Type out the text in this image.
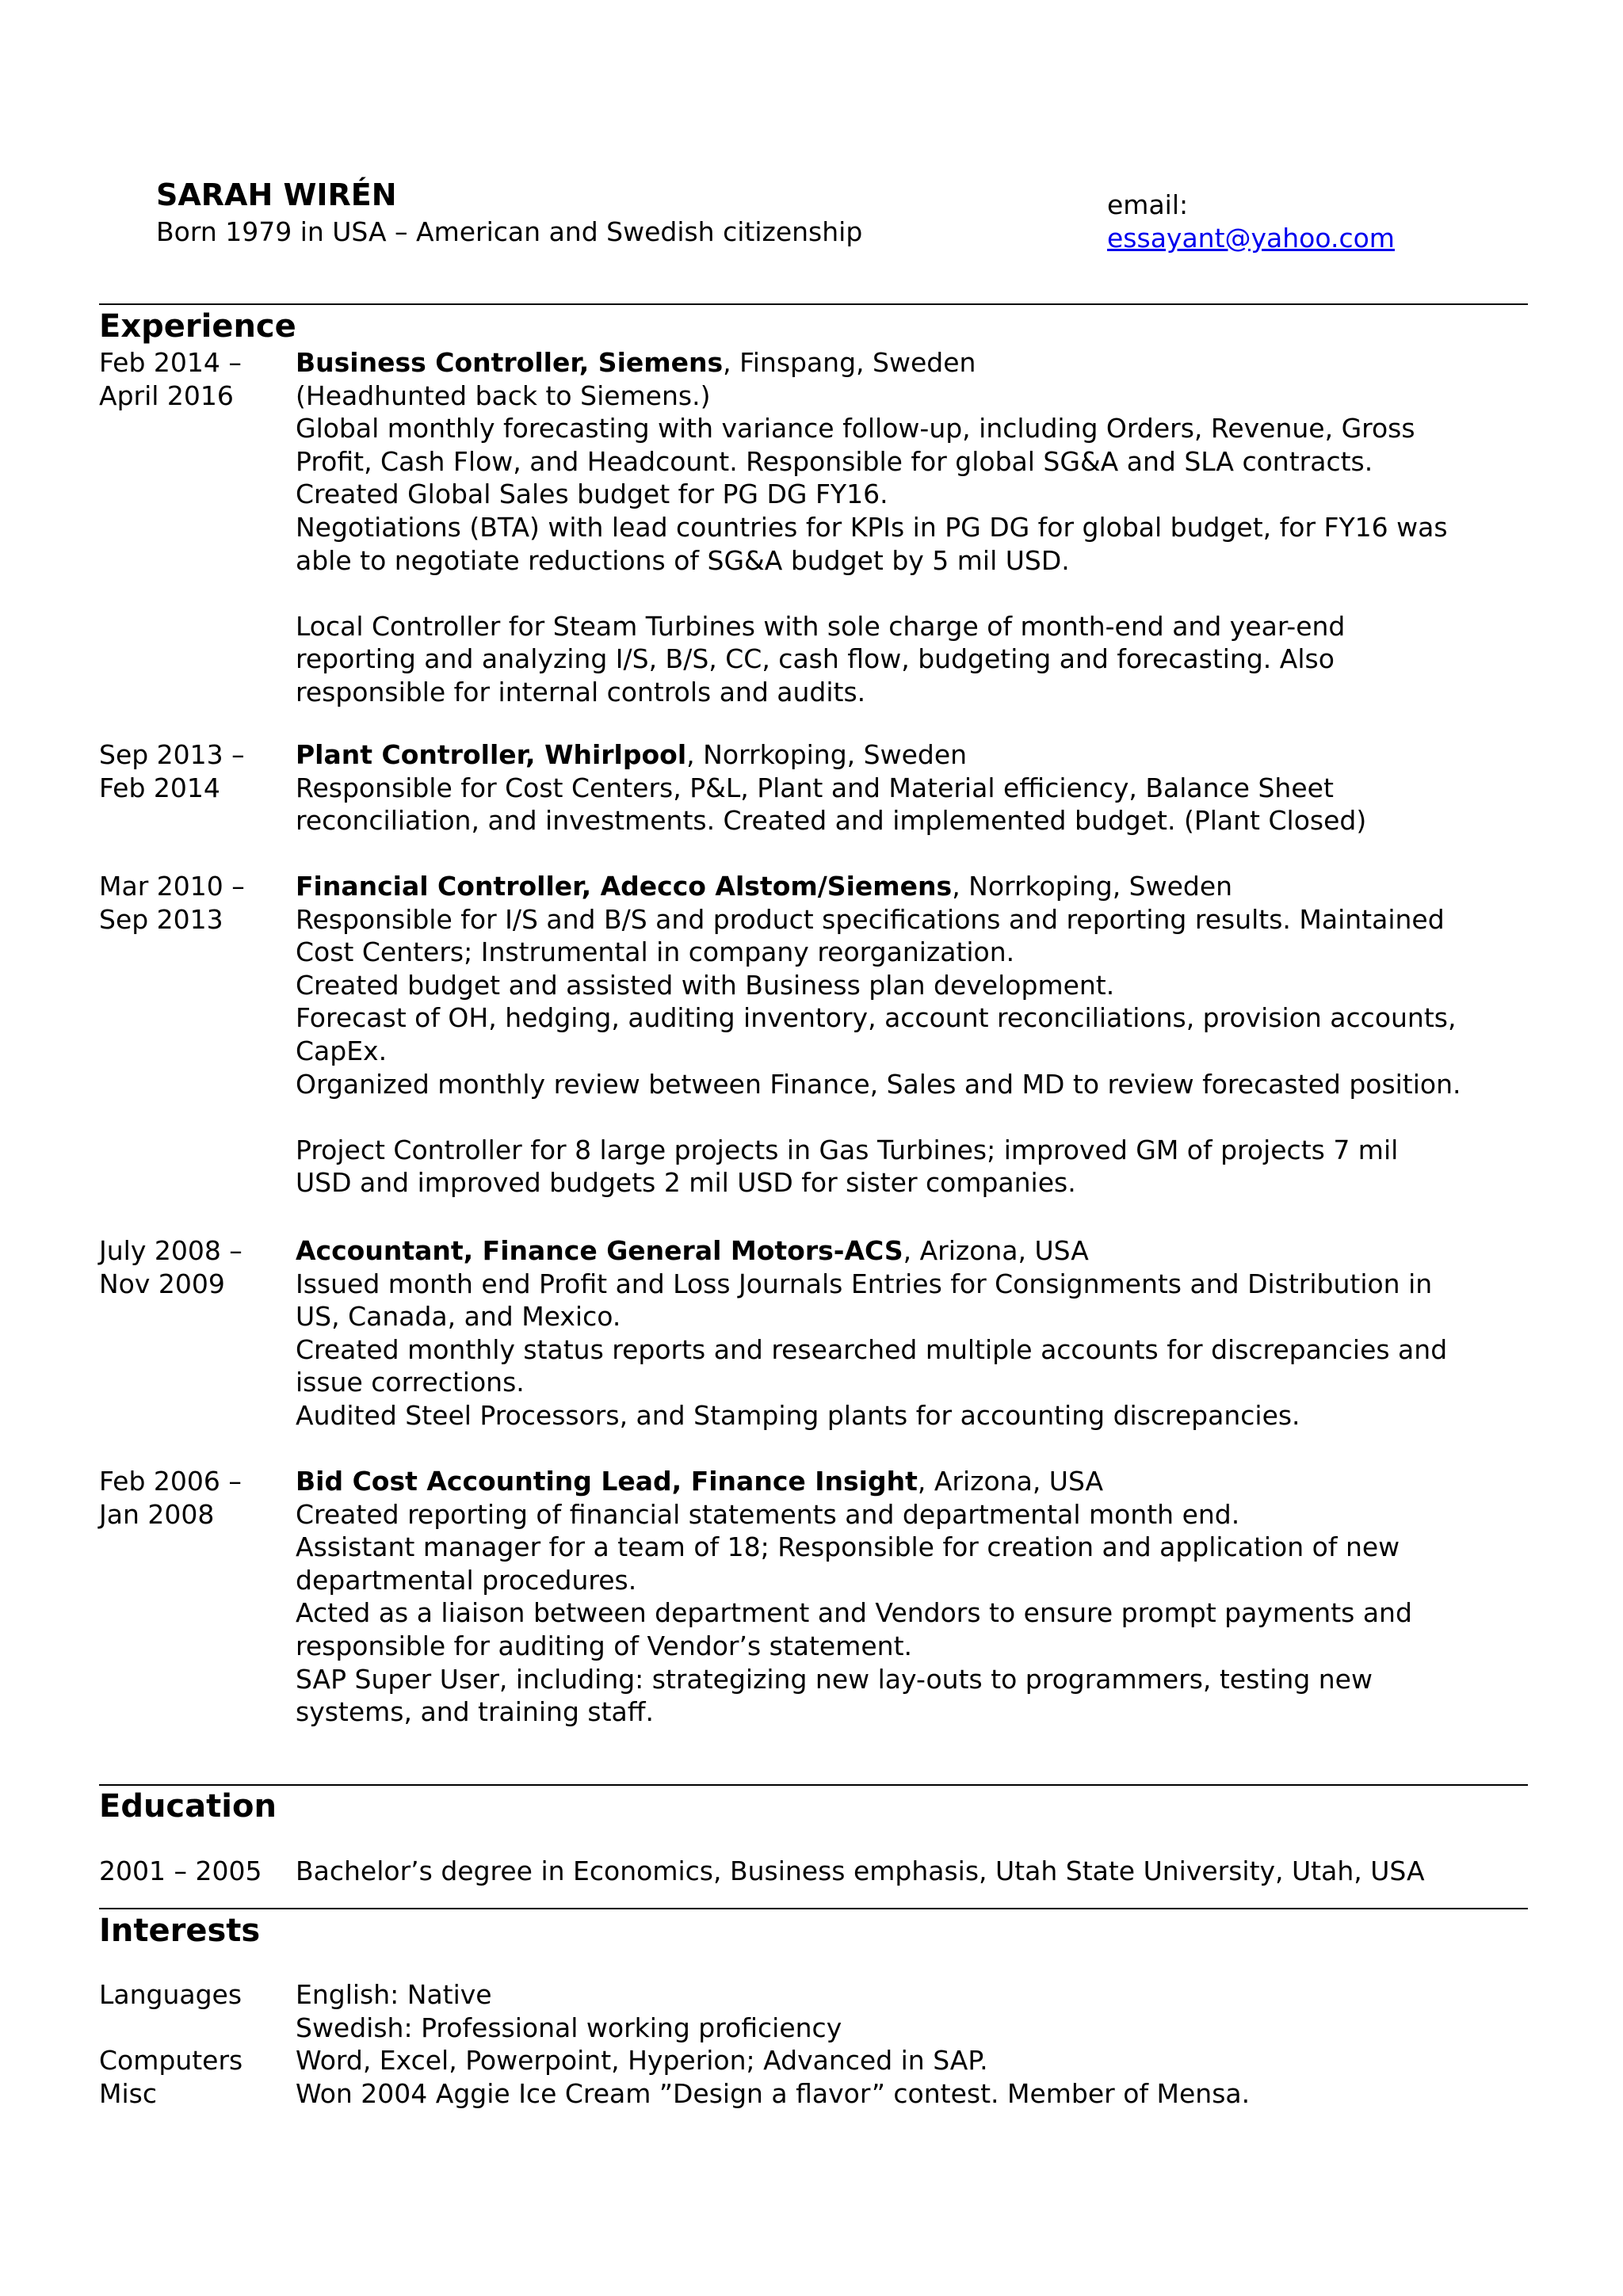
SARAH WIRÉN
Born 1979 in USA – American and Swedish citizenship
email:
essayant@yahoo.com
Experience
Feb 2014 –
April 2016
Business Controller, Siemens, Finspang, Sweden
(Headhunted back to Siemens.)
Global monthly forecasting with variance follow-up, including Orders, Revenue, Gross
Profit, Cash Flow, and Headcount. Responsible for global SG&A and SLA contracts.
Created Global Sales budget for PG DG FY16.
Negotiations (BTA) with lead countries for KPIs in PG DG for global budget, for FY16 was
able to negotiate reductions of SG&A budget by 5 mil USD.
Local Controller for Steam Turbines with sole charge of month-end and year-end
reporting and analyzing I/S, B/S, CC, cash flow, budgeting and forecasting. Also
responsible for internal controls and audits.
Sep 2013 –
Feb 2014
Plant Controller, Whirlpool, Norrkoping, Sweden
Responsible for Cost Centers, P&L, Plant and Material efficiency, Balance Sheet
reconciliation, and investments. Created and implemented budget. (Plant Closed)
Mar 2010 –
Sep 2013
Financial Controller, Adecco Alstom/Siemens, Norrkoping, Sweden
Responsible for I/S and B/S and product specifications and reporting results. Maintained
Cost Centers; Instrumental in company reorganization.
Created budget and assisted with Business plan development.
Forecast of OH, hedging, auditing inventory, account reconciliations, provision accounts,
CapEx.
Organized monthly review between Finance, Sales and MD to review forecasted position.
Project Controller for 8 large projects in Gas Turbines; improved GM of projects 7 mil
USD and improved budgets 2 mil USD for sister companies.
July 2008 –
Nov 2009
Accountant, Finance General Motors-ACS, Arizona, USA
Issued month end Profit and Loss Journals Entries for Consignments and Distribution in
US, Canada, and Mexico.
Created monthly status reports and researched multiple accounts for discrepancies and
issue corrections.
Audited Steel Processors, and Stamping plants for accounting discrepancies.
Feb 2006 –
Jan 2008
Bid Cost Accounting Lead, Finance Insight, Arizona, USA
Created reporting of financial statements and departmental month end.
Assistant manager for a team of 18; Responsible for creation and application of new
departmental procedures.
Acted as a liaison between department and Vendors to ensure prompt payments and
responsible for auditing of Vendor’s statement.
SAP Super User, including: strategizing new lay-outs to programmers, testing new
systems, and training staff.
Education
2001 – 2005 Bachelor’s degree in Economics, Business emphasis, Utah State University, Utah, USA
Interests
Languages
Computers
Misc
English: Native
Swedish: Professional working proficiency
Word, Excel, Powerpoint, Hyperion; Advanced in SAP.
Won 2004 Aggie Ice Cream ”Design a flavor” contest. Member of Mensa.
